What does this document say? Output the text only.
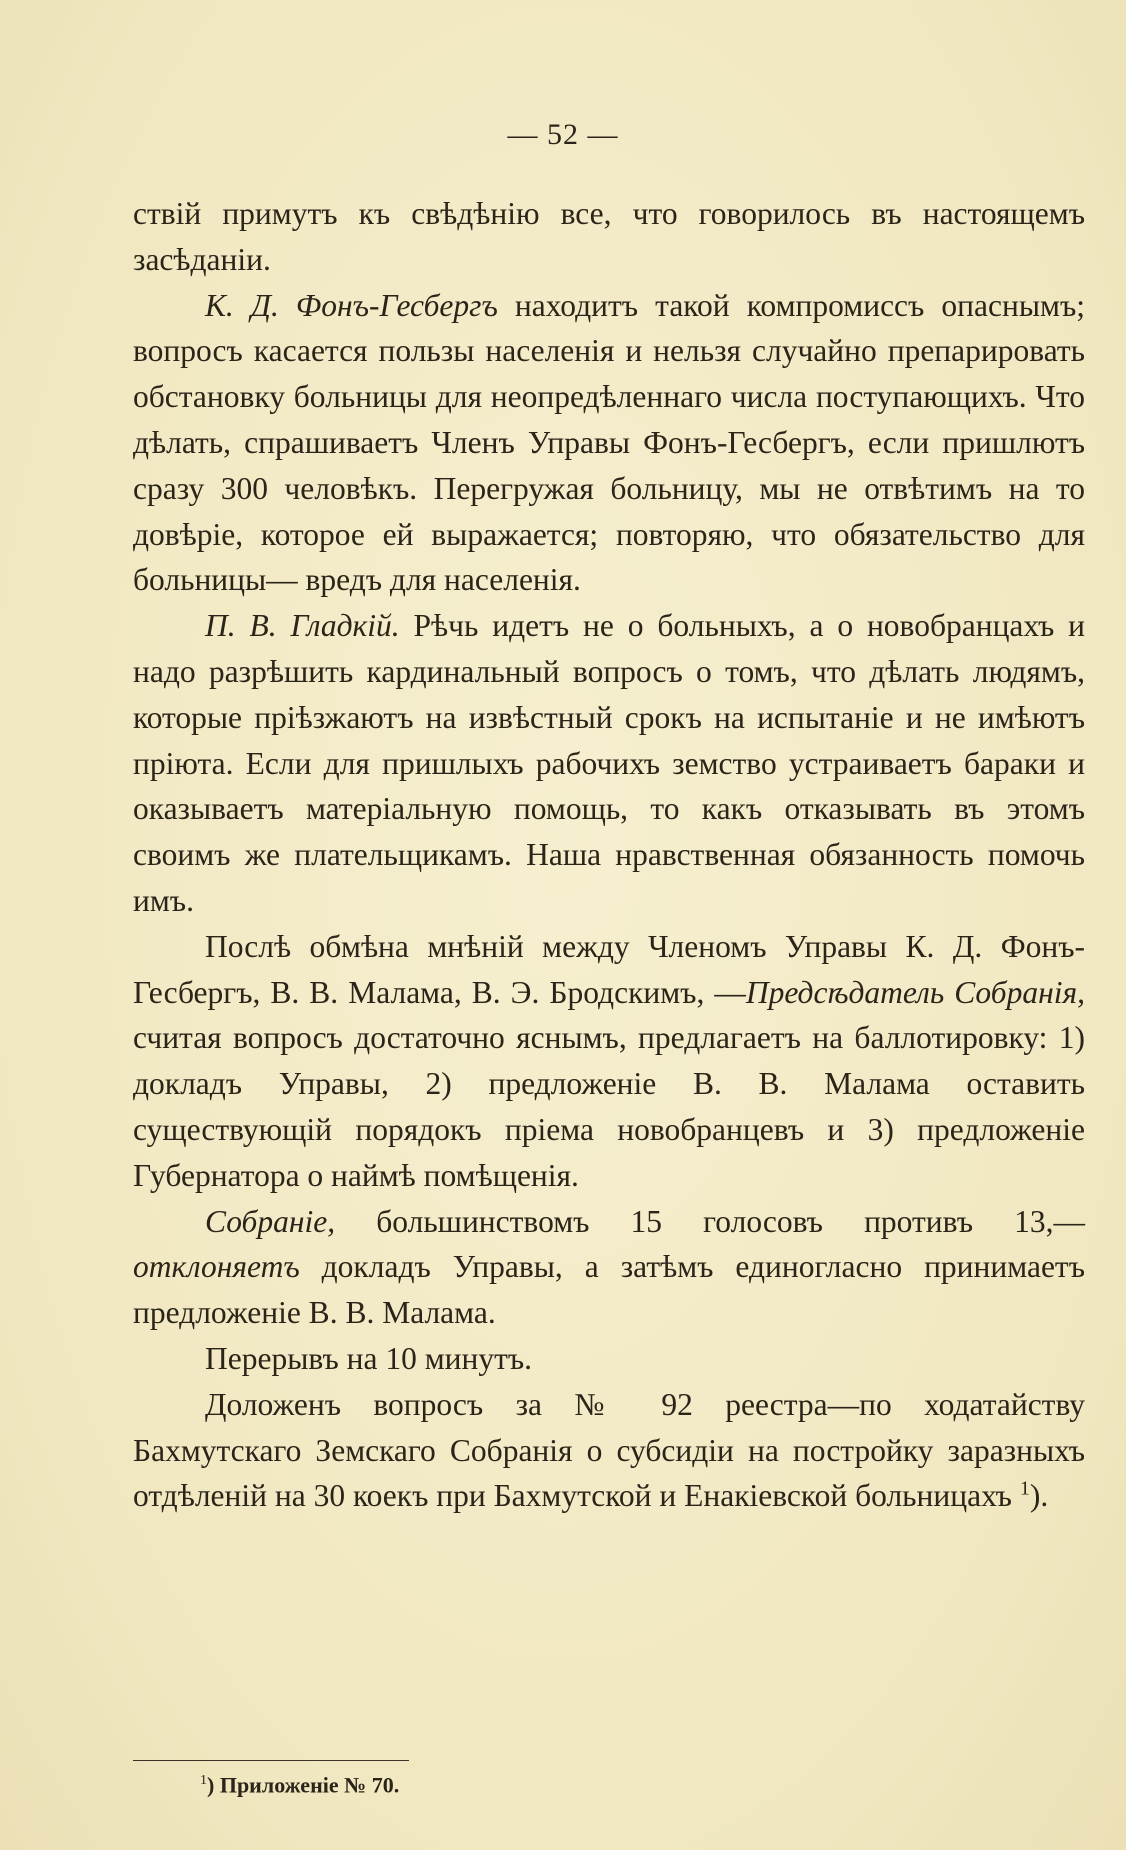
— 52 —

ствій примутъ къ свѣдѣнію все, что говорилось въ настоящемъ засѣданіи.

К. Д. Фонъ-Гесбергъ находитъ такой компромиссъ опаснымъ; вопросъ касается пользы населенія и нельзя случайно препарировать обстановку больницы для неопредѣленнаго числа поступающихъ. Что дѣлать, спрашиваетъ Членъ Управы Фонъ-Гесбергъ, если пришлютъ сразу 300 человѣкъ. Перегружая больницу, мы не отвѣтимъ на то довѣріе, которое ей выражается; повторяю, что обязательство для больницы— вредъ для населенія.

П. В. Гладкій. Рѣчь идетъ не о больныхъ, а о новобранцахъ и надо разрѣшить кардинальный вопросъ о томъ, что дѣлать людямъ, которые пріѣзжаютъ на извѣстный срокъ на испытаніе и не имѣютъ пріюта. Если для пришлыхъ рабочихъ земство устраиваетъ бараки и оказываетъ матеріальную помощь, то какъ отказывать въ этомъ своимъ же плательщикамъ. Наша нравственная обязанность помочь имъ.

Послѣ обмѣна мнѣній между Членомъ Управы К. Д. Фонъ-Гесбергъ, В. В. Малама, В. Э. Бродскимъ, —Предсѣдатель Собранія, считая вопросъ достаточно яснымъ, предлагаетъ на баллотировку: 1) докладъ Управы, 2) предложеніе В. В. Малама оставить существующій порядокъ пріема новобранцевъ и 3) предложеніе Губернатора о наймѣ помѣщенія.

Собраніе, большинствомъ 15 голосовъ противъ 13,— отклоняетъ докладъ Управы, а затѣмъ единогласно принимаетъ предложеніе В. В. Малама.

Перерывъ на 10 минутъ.

Доложенъ вопросъ за № 92 реестра—по ходатайству Бахмутскаго Земскаго Собранія о субсидіи на постройку заразныхъ отдѣленій на 30 коекъ при Бахмутской и Енакіевской больницахъ $^1$).

$^1$) Приложеніе № 70.
